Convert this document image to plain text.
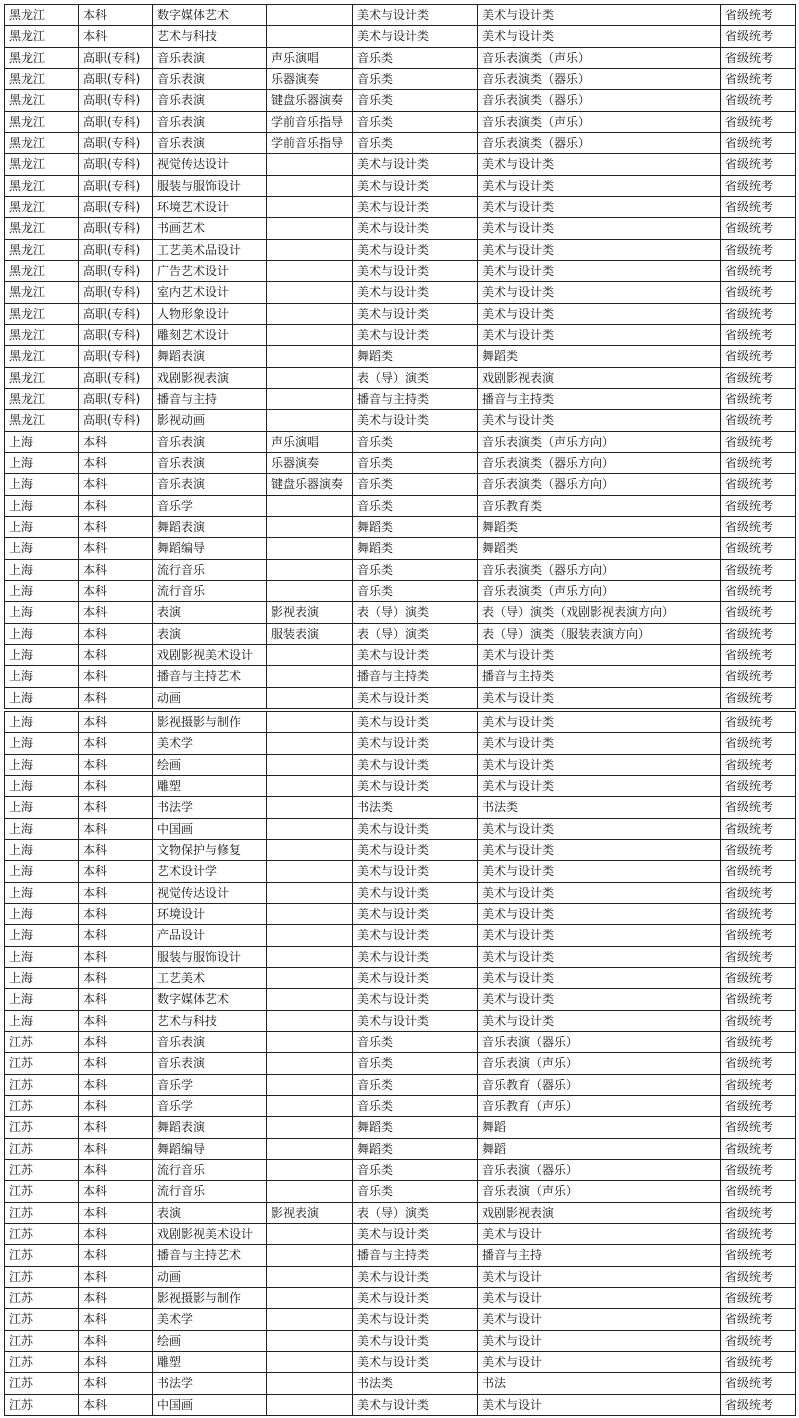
黑龙江	本科	数字媒体艺术		美术与设计类	美术与设计类	省级统考
黑龙江	本科	艺术与科技		美术与设计类	美术与设计类	省级统考
黑龙江	高职(专科)	音乐表演	声乐演唱	音乐类	音乐表演类（声乐）	省级统考
黑龙江	高职(专科)	音乐表演	乐器演奏	音乐类	音乐表演类（器乐）	省级统考
黑龙江	高职(专科)	音乐表演	键盘乐器演奏	音乐类	音乐表演类（器乐）	省级统考
黑龙江	高职(专科)	音乐表演	学前音乐指导	音乐类	音乐表演类（声乐）	省级统考
黑龙江	高职(专科)	音乐表演	学前音乐指导	音乐类	音乐表演类（器乐）	省级统考
黑龙江	高职(专科)	视觉传达设计		美术与设计类	美术与设计类	省级统考
黑龙江	高职(专科)	服装与服饰设计		美术与设计类	美术与设计类	省级统考
黑龙江	高职(专科)	环境艺术设计		美术与设计类	美术与设计类	省级统考
黑龙江	高职(专科)	书画艺术		美术与设计类	美术与设计类	省级统考
黑龙江	高职(专科)	工艺美术品设计		美术与设计类	美术与设计类	省级统考
黑龙江	高职(专科)	广告艺术设计		美术与设计类	美术与设计类	省级统考
黑龙江	高职(专科)	室内艺术设计		美术与设计类	美术与设计类	省级统考
黑龙江	高职(专科)	人物形象设计		美术与设计类	美术与设计类	省级统考
黑龙江	高职(专科)	雕刻艺术设计		美术与设计类	美术与设计类	省级统考
黑龙江	高职(专科)	舞蹈表演		舞蹈类	舞蹈类	省级统考
黑龙江	高职(专科)	戏剧影视表演		表（导）演类	戏剧影视表演	省级统考
黑龙江	高职(专科)	播音与主持		播音与主持类	播音与主持类	省级统考
黑龙江	高职(专科)	影视动画		美术与设计类	美术与设计类	省级统考
上海	本科	音乐表演	声乐演唱	音乐类	音乐表演类（声乐方向）	省级统考
上海	本科	音乐表演	乐器演奏	音乐类	音乐表演类（器乐方向）	省级统考
上海	本科	音乐表演	键盘乐器演奏	音乐类	音乐表演类（器乐方向）	省级统考
上海	本科	音乐学		音乐类	音乐教育类	省级统考
上海	本科	舞蹈表演		舞蹈类	舞蹈类	省级统考
上海	本科	舞蹈编导		舞蹈类	舞蹈类	省级统考
上海	本科	流行音乐		音乐类	音乐表演类（器乐方向）	省级统考
上海	本科	流行音乐		音乐类	音乐表演类（声乐方向）	省级统考
上海	本科	表演	影视表演	表（导）演类	表（导）演类（戏剧影视表演方向）	省级统考
上海	本科	表演	服装表演	表（导）演类	表（导）演类（服装表演方向）	省级统考
上海	本科	戏剧影视美术设计		美术与设计类	美术与设计类	省级统考
上海	本科	播音与主持艺术		播音与主持类	播音与主持类	省级统考
上海	本科	动画		美术与设计类	美术与设计类	省级统考
上海	本科	影视摄影与制作		美术与设计类	美术与设计类	省级统考
上海	本科	美术学		美术与设计类	美术与设计类	省级统考
上海	本科	绘画		美术与设计类	美术与设计类	省级统考
上海	本科	雕塑		美术与设计类	美术与设计类	省级统考
上海	本科	书法学		书法类	书法类	省级统考
上海	本科	中国画		美术与设计类	美术与设计类	省级统考
上海	本科	文物保护与修复		美术与设计类	美术与设计类	省级统考
上海	本科	艺术设计学		美术与设计类	美术与设计类	省级统考
上海	本科	视觉传达设计		美术与设计类	美术与设计类	省级统考
上海	本科	环境设计		美术与设计类	美术与设计类	省级统考
上海	本科	产品设计		美术与设计类	美术与设计类	省级统考
上海	本科	服装与服饰设计		美术与设计类	美术与设计类	省级统考
上海	本科	工艺美术		美术与设计类	美术与设计类	省级统考
上海	本科	数字媒体艺术		美术与设计类	美术与设计类	省级统考
上海	本科	艺术与科技		美术与设计类	美术与设计类	省级统考
江苏	本科	音乐表演		音乐类	音乐表演（器乐）	省级统考
江苏	本科	音乐表演		音乐类	音乐表演（声乐）	省级统考
江苏	本科	音乐学		音乐类	音乐教育（器乐）	省级统考
江苏	本科	音乐学		音乐类	音乐教育（声乐）	省级统考
江苏	本科	舞蹈表演		舞蹈类	舞蹈	省级统考
江苏	本科	舞蹈编导		舞蹈类	舞蹈	省级统考
江苏	本科	流行音乐		音乐类	音乐表演（器乐）	省级统考
江苏	本科	流行音乐		音乐类	音乐表演（声乐）	省级统考
江苏	本科	表演	影视表演	表（导）演类	戏剧影视表演	省级统考
江苏	本科	戏剧影视美术设计		美术与设计类	美术与设计	省级统考
江苏	本科	播音与主持艺术		播音与主持类	播音与主持	省级统考
江苏	本科	动画		美术与设计类	美术与设计	省级统考
江苏	本科	影视摄影与制作		美术与设计类	美术与设计	省级统考
江苏	本科	美术学		美术与设计类	美术与设计	省级统考
江苏	本科	绘画		美术与设计类	美术与设计	省级统考
江苏	本科	雕塑		美术与设计类	美术与设计	省级统考
江苏	本科	书法学		书法类	书法	省级统考
江苏	本科	中国画		美术与设计类	美术与设计	省级统考
